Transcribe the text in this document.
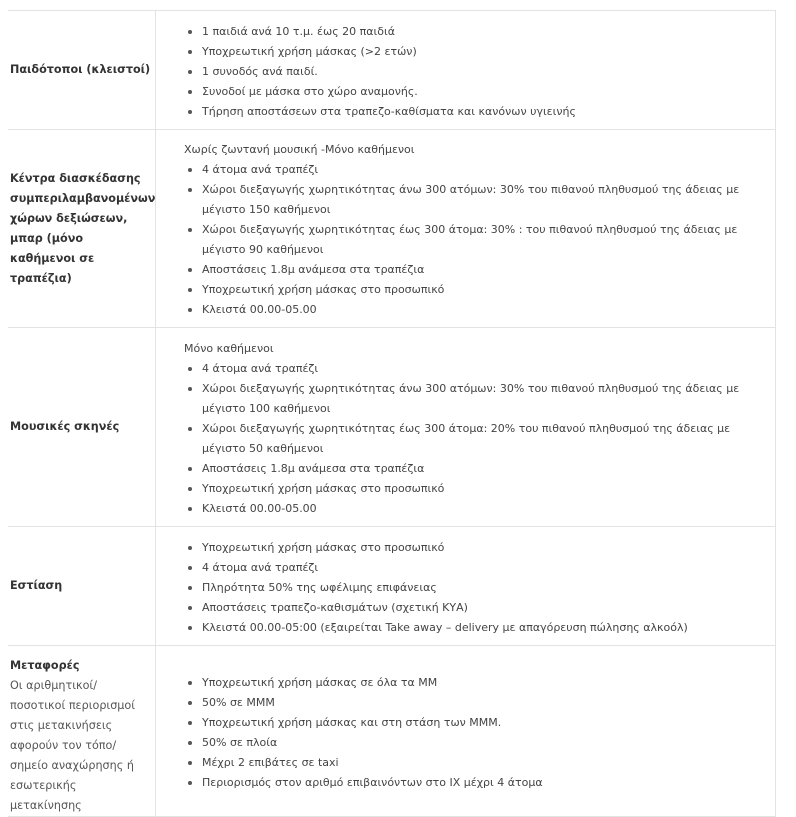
Παιδότοποι (κλειστοί)
1 παιδιά ανά 10 τ.μ. έως 20 παιδιά
Υποχρεωτική χρήση μάσκας (>2 ετών)
1 συνοδός ανά παιδί.
Συνοδοί με μάσκα στο χώρο αναμονής.
Τήρηση αποστάσεων στα τραπεζο-καθίσματα και κανόνων υγιεινής
Κέντρα διασκέδασης συμπεριλαμβανομένων χώρων δεξιώσεων, μπαρ (μόνο καθήμενοι σε τραπέζια)
Χωρίς ζωντανή μουσική -Μόνο καθήμενοι
4 άτομα ανά τραπέζι
Χώροι διεξαγωγής χωρητικότητας άνω 300 ατόμων: 30% του πιθανού πληθυσμού της άδειας με μέγιστο 150 καθήμενοι
Χώροι διεξαγωγής χωρητικότητας έως 300 άτομα: 30% : του πιθανού πληθυσμού της άδειας με μέγιστο 90 καθήμενοι
Αποστάσεις 1.8μ ανάμεσα στα τραπέζια
Υποχρεωτική χρήση μάσκας στο προσωπικό
Κλειστά 00.00-05.00
Μουσικές σκηνές
Μόνο καθήμενοι
4 άτομα ανά τραπέζι
Χώροι διεξαγωγής χωρητικότητας άνω 300 ατόμων: 30% του πιθανού πληθυσμού της άδειας με μέγιστο 100 καθήμενοι
Χώροι διεξαγωγής χωρητικότητας έως 300 άτομα: 20% του πιθανού πληθυσμού της άδειας με μέγιστο 50 καθήμενοι
Αποστάσεις 1.8μ ανάμεσα στα τραπέζια
Υποχρεωτική χρήση μάσκας στο προσωπικό
Κλειστά 00.00-05.00
Εστίαση
Υποχρεωτική χρήση μάσκας στο προσωπικό
4 άτομα ανά τραπέζι
Πληρότητα 50% της ωφέλιμης επιφάνειας
Αποστάσεις τραπεζο-καθισμάτων (σχετική ΚΥΑ)
Κλειστά 00.00-05:00 (εξαιρείται Take away – delivery με απαγόρευση πώλησης αλκοόλ)
Μεταφορές
Οι αριθμητικοί/ ποσοτικοί περιορισμοί στις μετακινήσεις αφορούν τον τόπο/ σημείο αναχώρησης ή εσωτερικής μετακίνησης
Υποχρεωτική χρήση μάσκας σε όλα τα ΜΜ
50% σε ΜΜΜ
Υποχρεωτική χρήση μάσκας και στη στάση των ΜΜΜ.
50% σε πλοία
Μέχρι 2 επιβάτες σε taxi
Περιορισμός στον αριθμό επιβαινόντων στο ΙΧ μέχρι 4 άτομα
